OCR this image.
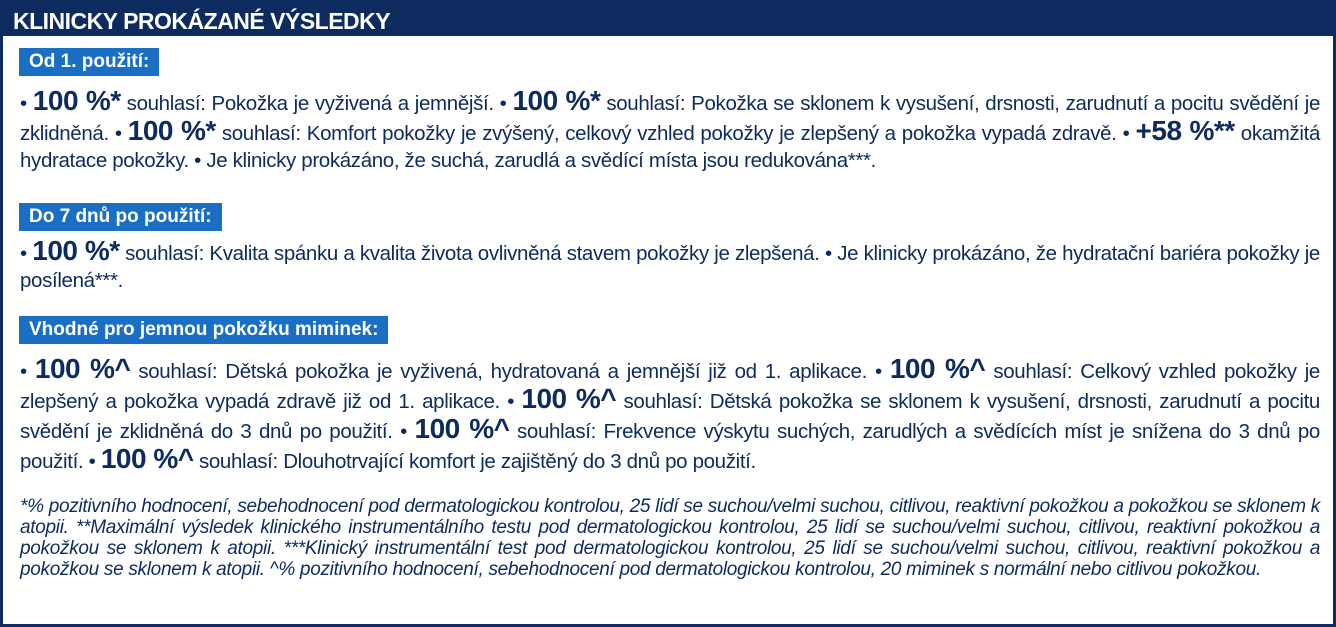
KLINICKY PROKÁZANÉ VÝSLEDKY
Od 1. použití:

• 100 %* souhlasí: Pokožka je vyživená a jemnější. • 100 %* souhlasí: Pokožka se sklonem k vysušení, drsnosti, zarudnutí a pocitu svědění je zklidněná. • 100 %* souhlasí: Komfort pokožky je zvýšený, celkový vzhled pokožky je zlepšený a pokožka vypadá zdravě. • +58 %** okamžitá hydratace pokožky. • Je klinicky prokázáno, že suchá, zarudlá a svědící místa jsou redukována***.

Do 7 dnů po použití:

• 100 %* souhlasí: Kvalita spánku a kvalita života ovlivněná stavem pokožky je zlepšená. • Je klinicky prokázáno, že hydratační bariéra pokožky je posílená***.

Vhodné pro jemnou pokožku miminek:

• 100 %^ souhlasí: Dětská pokožka je vyživená, hydratovaná a jemnější již od 1. aplikace. • 100 %^ souhlasí: Celkový vzhled pokožky je zlepšený a pokožka vypadá zdravě již od 1. aplikace. • 100 %^ souhlasí: Dětská pokožka se sklonem k vysušení, drsnosti, zarudnutí a pocitu svědění je zklidněná do 3 dnů po použití. • 100 %^ souhlasí: Frekvence výskytu suchých, zarudlých a svědících míst je snížena do 3 dnů po použití. • 100 %^ souhlasí: Dlouhotrvající komfort je zajištěný do 3 dnů po použití.

*% pozitivního hodnocení, sebehodnocení pod dermatologickou kontrolou, 25 lidí se suchou/velmi suchou, citlivou, reaktivní pokožkou a pokožkou se sklonem k atopii. **Maximální výsledek klinického instrumentálního testu pod dermatologickou kontrolou, 25 lidí se suchou/velmi suchou, citlivou, reaktivní pokožkou a pokožkou se sklonem k atopii. ***Klinický instrumentální test pod dermatologickou kontrolou, 25 lidí se suchou/velmi suchou, citlivou, reaktivní pokožkou a pokožkou se sklonem k atopii. ^% pozitivního hodnocení, sebehodnocení pod dermatologickou kontrolou, 20 miminek s normální nebo citlivou pokožkou.
